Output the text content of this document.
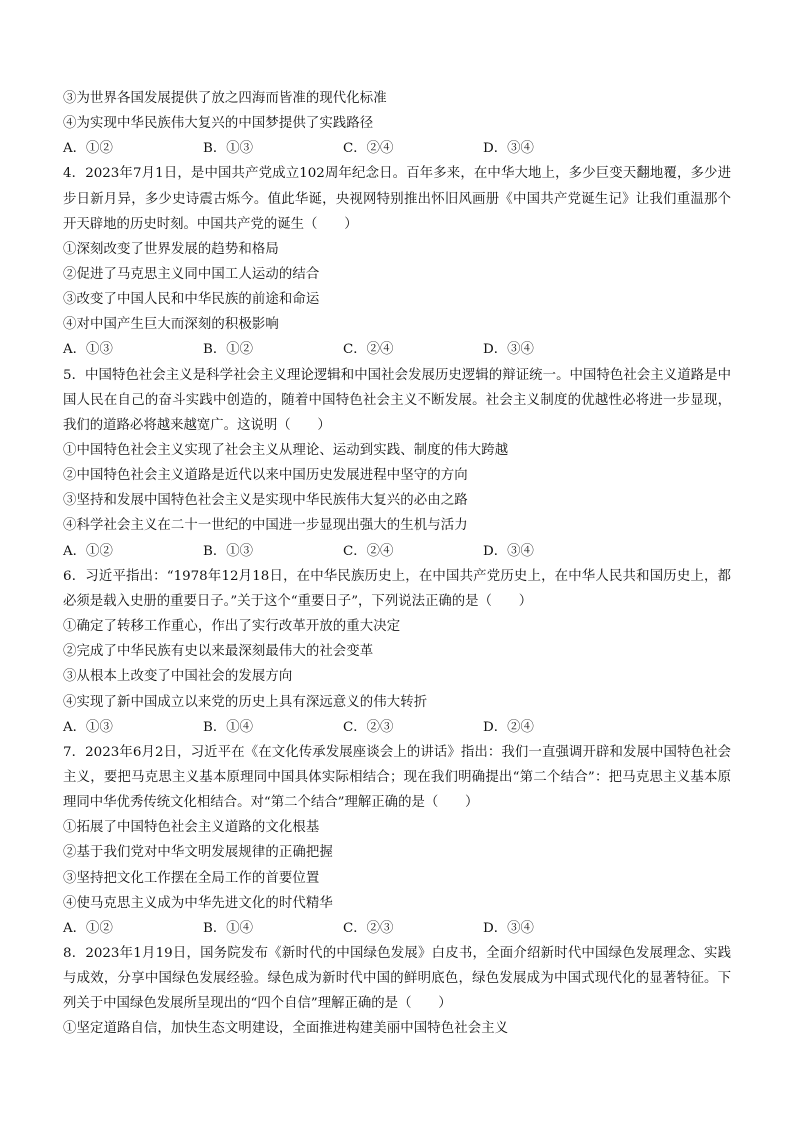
③为世界各国发展提供了放之四海而皆准的现代化标准
④为实现中华民族伟大复兴的中国梦提供了实践路径
A．①②	B．①③	C．②④	D．③④
4．2023年7月1日，是中国共产党成立102周年纪念日。百年多来，在中华大地上，多少巨变天翻地覆，多少进步日新月异，多少史诗震古烁今。值此华诞，央视网特别推出怀旧风画册《中国共产党诞生记》让我们重温那个开天辟地的历史时刻。中国共产党的诞生（　　）
①深刻改变了世界发展的趋势和格局
②促进了马克思主义同中国工人运动的结合
③改变了中国人民和中华民族的前途和命运
④对中国产生巨大而深刻的积极影响
A．①③	B．①②	C．②④	D．③④
5．中国特色社会主义是科学社会主义理论逻辑和中国社会发展历史逻辑的辩证统一。中国特色社会主义道路是中国人民在自己的奋斗实践中创造的，随着中国特色社会主义不断发展。社会主义制度的优越性必将进一步显现，我们的道路必将越来越宽广。这说明（　　）
①中国特色社会主义实现了社会主义从理论、运动到实践、制度的伟大跨越
②中国特色社会主义道路是近代以来中国历史发展进程中坚守的方向
③坚持和发展中国特色社会主义是实现中华民族伟大复兴的必由之路
④科学社会主义在二十一世纪的中国进一步显现出强大的生机与活力
A．①②	B．①③	C．②④	D．③④
6．习近平指出：“1978年12月18日，在中华民族历史上，在中国共产党历史上，在中华人民共和国历史上，都必须是载入史册的重要日子。”关于这个“重要日子”，下列说法正确的是（　　）
①确定了转移工作重心，作出了实行改革开放的重大决定
②完成了中华民族有史以来最深刻最伟大的社会变革
③从根本上改变了中国社会的发展方向
④实现了新中国成立以来党的历史上具有深远意义的伟大转折
A．①③	B．①④	C．②③	D．②④
7．2023年6月2日，习近平在《在文化传承发展座谈会上的讲话》指出：我们一直强调开辟和发展中国特色社会主义，要把马克思主义基本原理同中国具体实际相结合；现在我们明确提出“第二个结合”：把马克思主义基本原理同中华优秀传统文化相结合。对“第二个结合”理解正确的是（　　）
①拓展了中国特色社会主义道路的文化根基
②基于我们党对中华文明发展规律的正确把握
③坚持把文化工作摆在全局工作的首要位置
④使马克思主义成为中华先进文化的时代精华
A．①②	B．①④	C．②③	D．③④
8．2023年1月19日，国务院发布《新时代的中国绿色发展》白皮书，全面介绍新时代中国绿色发展理念、实践与成效，分享中国绿色发展经验。绿色成为新时代中国的鲜明底色，绿色发展成为中国式现代化的显著特征。下列关于中国绿色发展所呈现出的“四个自信”理解正确的是（　　）
①坚定道路自信，加快生态文明建设，全面推进构建美丽中国特色社会主义
